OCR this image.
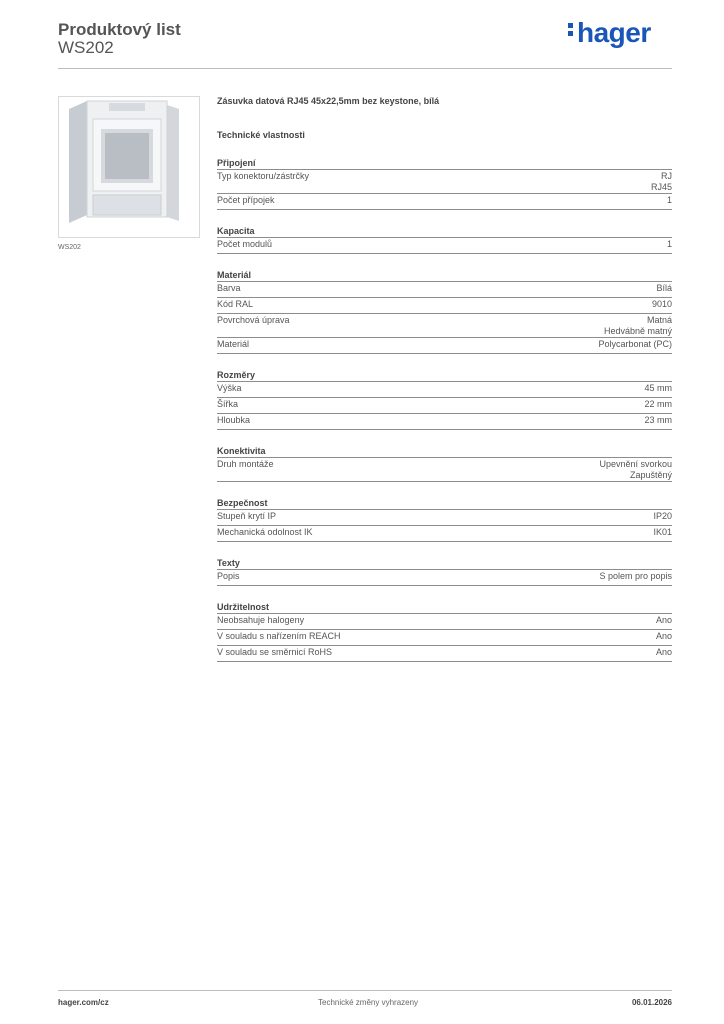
Produktový list
WS202	hager
WS202
Zásuvka datová RJ45 45x22,5mm bez keystone, bílá
Technické vlastnosti
Připojení
Typ konektoru/zástrčky	RJ
RJ45
Počet přípojek	1
Kapacita
Počet modulů	1
Materiál
Barva	Bílá
Kód RAL	9010
Povrchová úprava	Matná
Hedvábně matný
Materiál	Polycarbonat (PC)
Rozměry
Výška	45 mm
Šířka	22 mm
Hloubka	23 mm
Konektivita
Druh montáže	Upevnění svorkou
Zapuštěný
Bezpečnost
Stupeň krytí IP	IP20
Mechanická odolnost IK	IK01
Texty
Popis	S polem pro popis
Udržitelnost
Neobsahuje halogeny	Ano
V souladu s nařízením REACH	Ano
V souladu se směrnicí RoHS	Ano
hager.com/cz	Technické změny vyhrazeny	06.01.2026
